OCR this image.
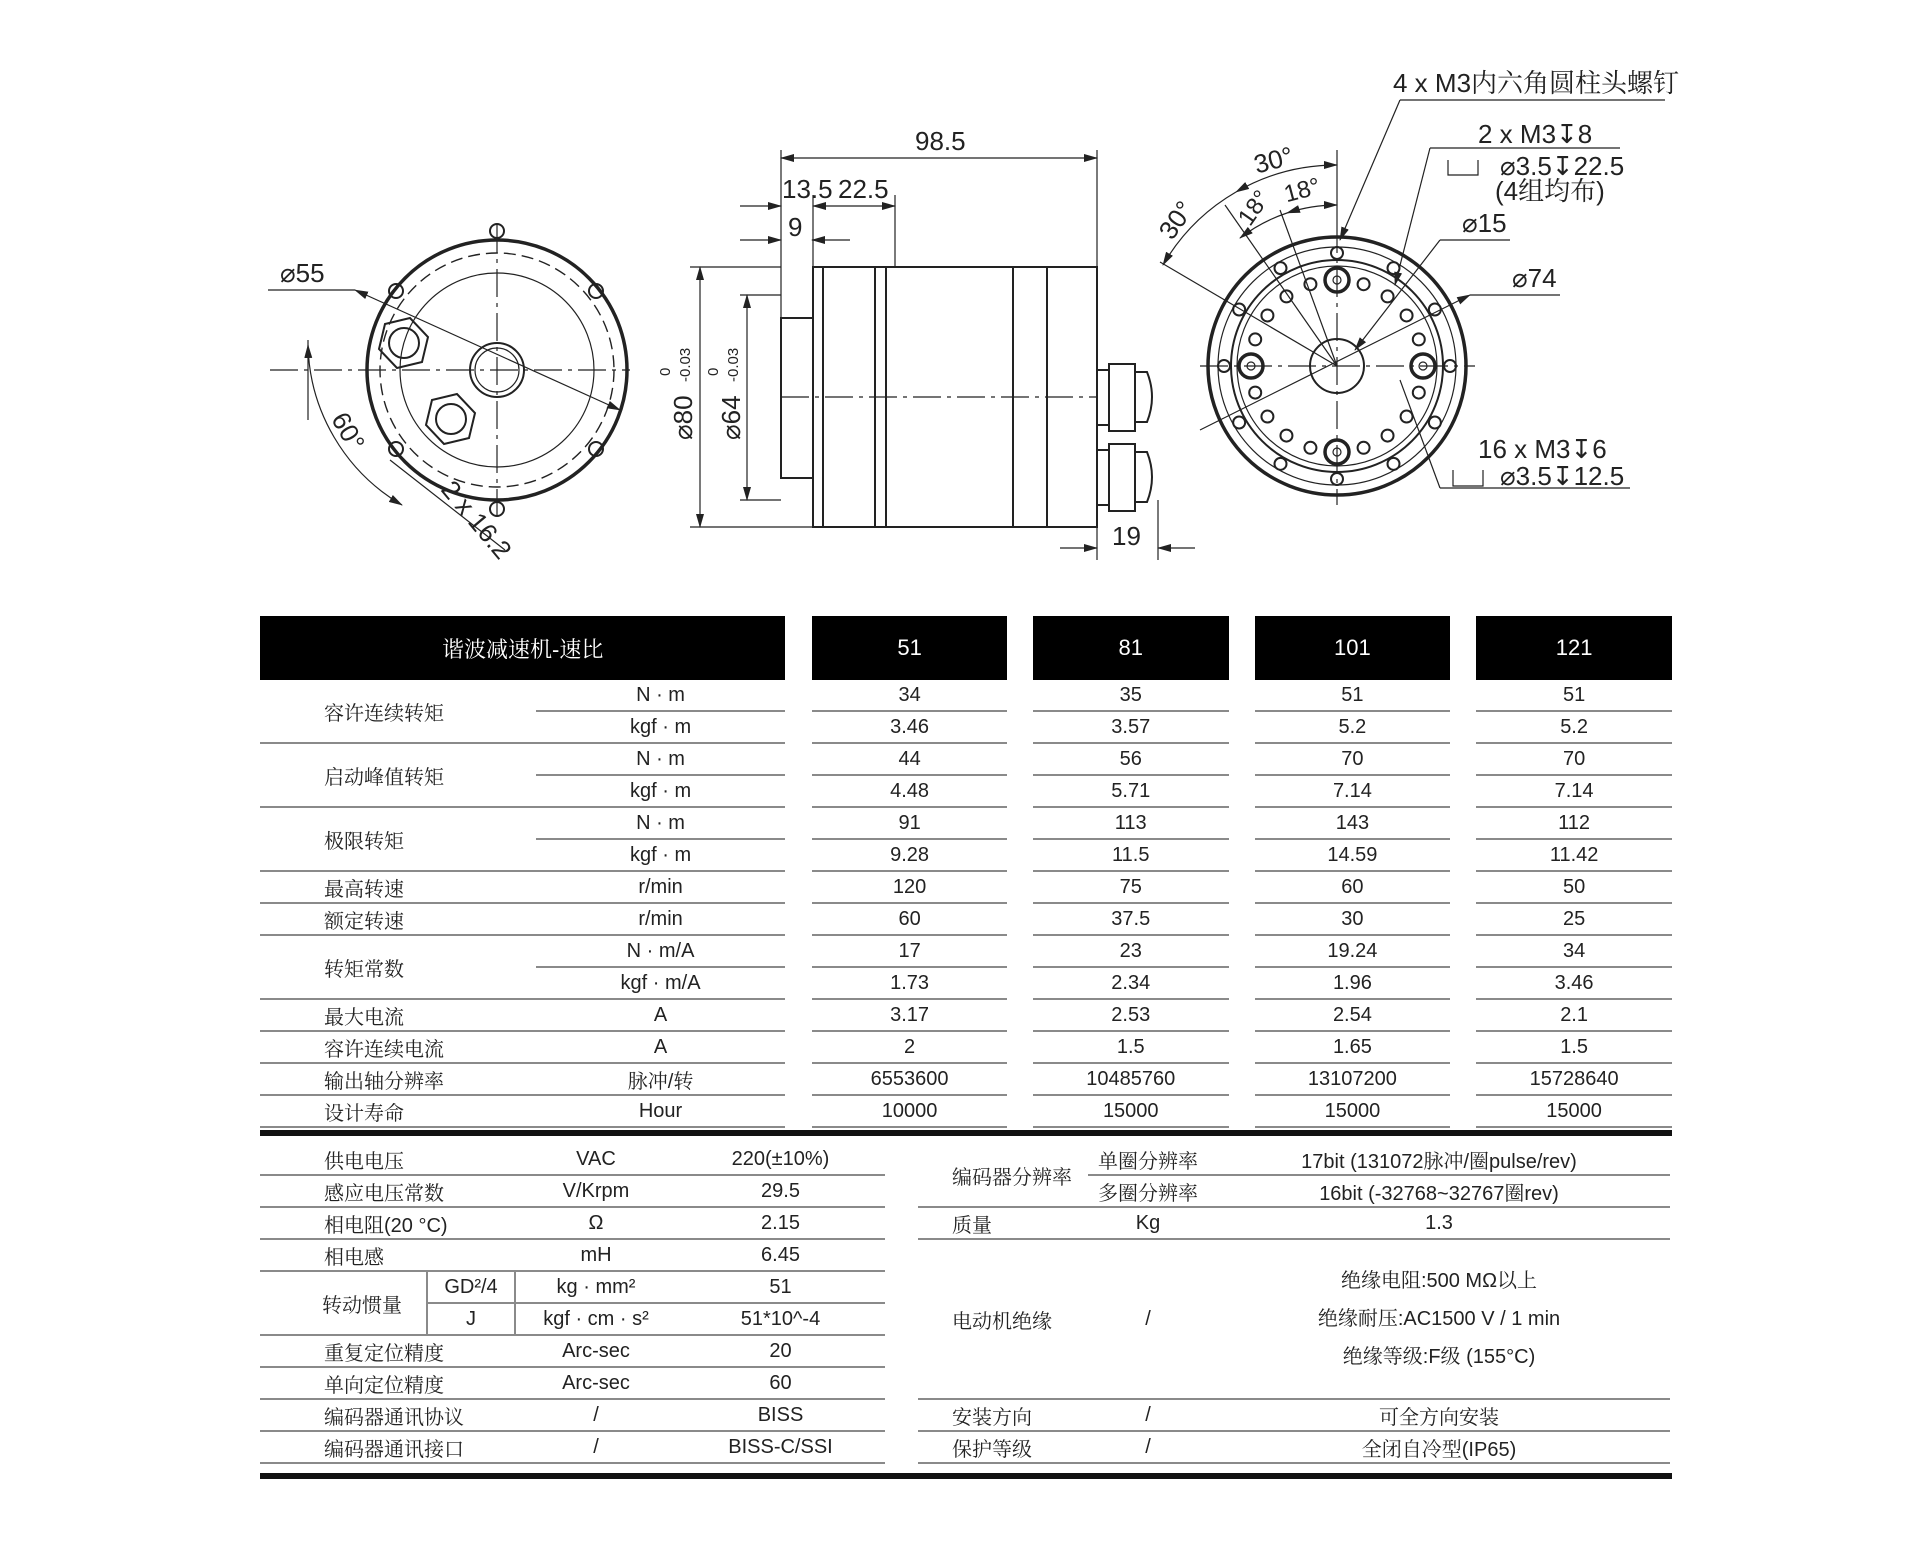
⌀55
60°
2 x 16.2
98.5
13.5 22.5
9
⌀80
0 -0.03
⌀64
0 -0.03
19
4 x M3内六角圆柱头螺钉
2 x M3↧8
⌀3.5↧22.5
(4组均布)
⌀15
⌀74
30°
30° 18° 18°
16 x M3↧6
⌀3.5↧12.5
谐波减速机-速比			51		81		101		121
容许连续转矩	N · m		34		35		51		51
	kgf · m		3.46		3.57		5.2		5.2
启动峰值转矩	N · m		44		56		70		70
	kgf · m		4.48		5.71		7.14		7.14
极限转矩	N · m		91		113		143		112
	kgf · m		9.28		11.5		14.59		11.42
最高转速	r/min		120		75		60		50
额定转速	r/min		60		37.5		30		25
转矩常数	N · m/A		17		23		19.24		34
	kgf · m/A		1.73		2.34		1.96		3.46
最大电流	A		3.17		2.53		2.54		2.1
容许连续电流	A		2		1.5		1.65		1.5
输出轴分辨率	脉冲/转		6553600		10485760		13107200		15728640
设计寿命	Hour		10000		15000		15000		15000
供电电压		VAC	220(±10%)
感应电压常数		V/Krpm	29.5
相电阻(20 °C)		Ω	2.15
相电感		mH	6.45
转动惯量	GD²/4	kg · mm²	51
	J	kgf · cm · s²	51*10^-4
重复定位精度		Arc-sec	20
单向定位精度		Arc-sec	60
编码器通讯协议		/	BISS
编码器通讯接口		/	BISS-C/SSI
编码器分辨率	单圈分辨率	17bit (131072脉冲/圈pulse/rev)
	多圈分辨率	16bit (-32768~32767圈rev)
质量	Kg	1.3
电动机绝缘	/	绝缘电阻:500 MΩ以上
绝缘耐压:AC1500 V / 1 min
绝缘等级:F级 (155°C)

安装方向	/	可全方向安装
保护等级	/	全闭自冷型(IP65)
